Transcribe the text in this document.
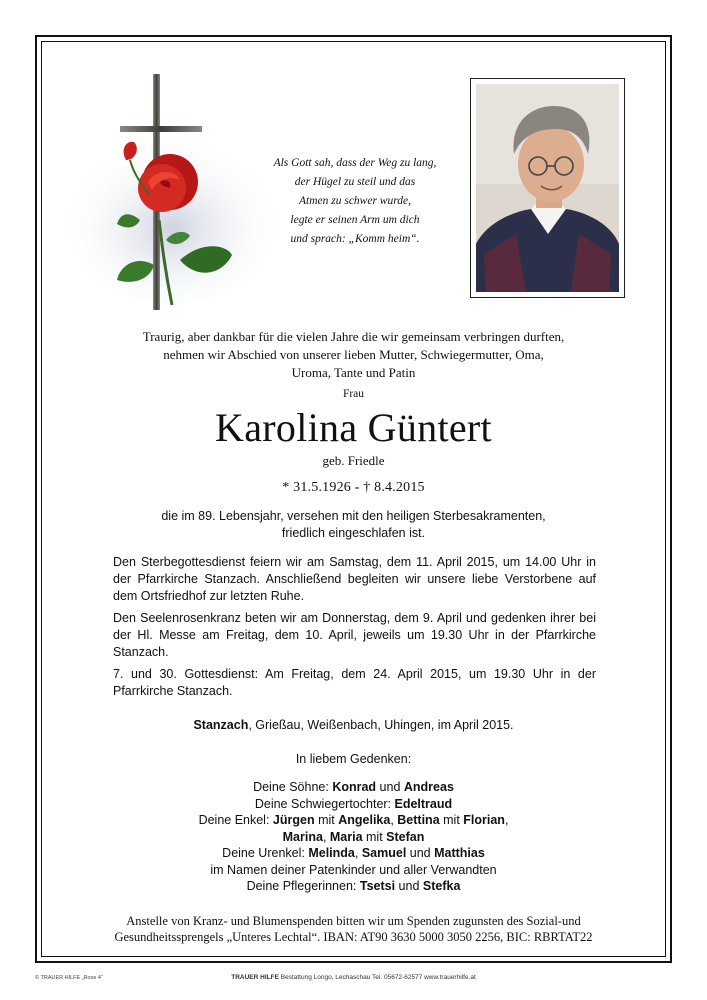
Als Gott sah, dass der Weg zu lang,
der Hügel zu steil und das
Atmen zu schwer wurde,
legte er seinen Arm um dich
und sprach: „Komm heim“.
Traurig, aber dankbar für die vielen Jahre die wir gemeinsam verbringen durften,
nehmen wir Abschied von unserer lieben Mutter, Schwiegermutter, Oma,
Uroma, Tante und Patin
Frau
Karolina Güntert
geb. Friedle
* 31.5.1926 - † 8.4.2015
die im 89. Lebensjahr, versehen mit den heiligen Sterbesakramenten,
friedlich eingeschlafen ist.
Den Sterbegottesdienst feiern wir am Samstag, dem 11. April 2015, um 14.00 Uhr in der Pfarrkirche Stanzach. Anschließend begleiten wir unsere liebe Verstorbene auf dem Ortsfriedhof zur letzten Ruhe.
Den Seelenrosenkranz beten wir am Donnerstag, dem 9. April und gedenken ihrer bei der Hl. Messe am Freitag, dem 10. April, jeweils um 19.30 Uhr in der Pfarrkirche Stanzach.
7. und 30. Gottesdienst: Am Freitag, dem 24. April 2015, um 19.30 Uhr in der Pfarrkirche Stanzach.
Stanzach, Grießau, Weißenbach, Uhingen, im April 2015.
In liebem Gedenken:
Deine Söhne: Konrad und Andreas
Deine Schwiegertochter: Edeltraud
Deine Enkel: Jürgen mit Angelika, Bettina mit Florian,
Marina, Maria mit Stefan
Deine Urenkel: Melinda, Samuel und Matthias
im Namen deiner Patenkinder und aller Verwandten
Deine Pflegerinnen: Tsetsi und Stefka
Anstelle von Kranz- und Blumenspenden bitten wir um Spenden zugunsten des Sozial-und
Gesundheitssprengels „Unteres Lechtal“. IBAN: AT90 3630 5000 3050 2256, BIC: RBRTAT22
© TRAUER HILFE „Rose 4“	TRAUER HILFE Bestattung Longo, Lechaschau Tel. 05672-62577 www.trauerhilfe.at
